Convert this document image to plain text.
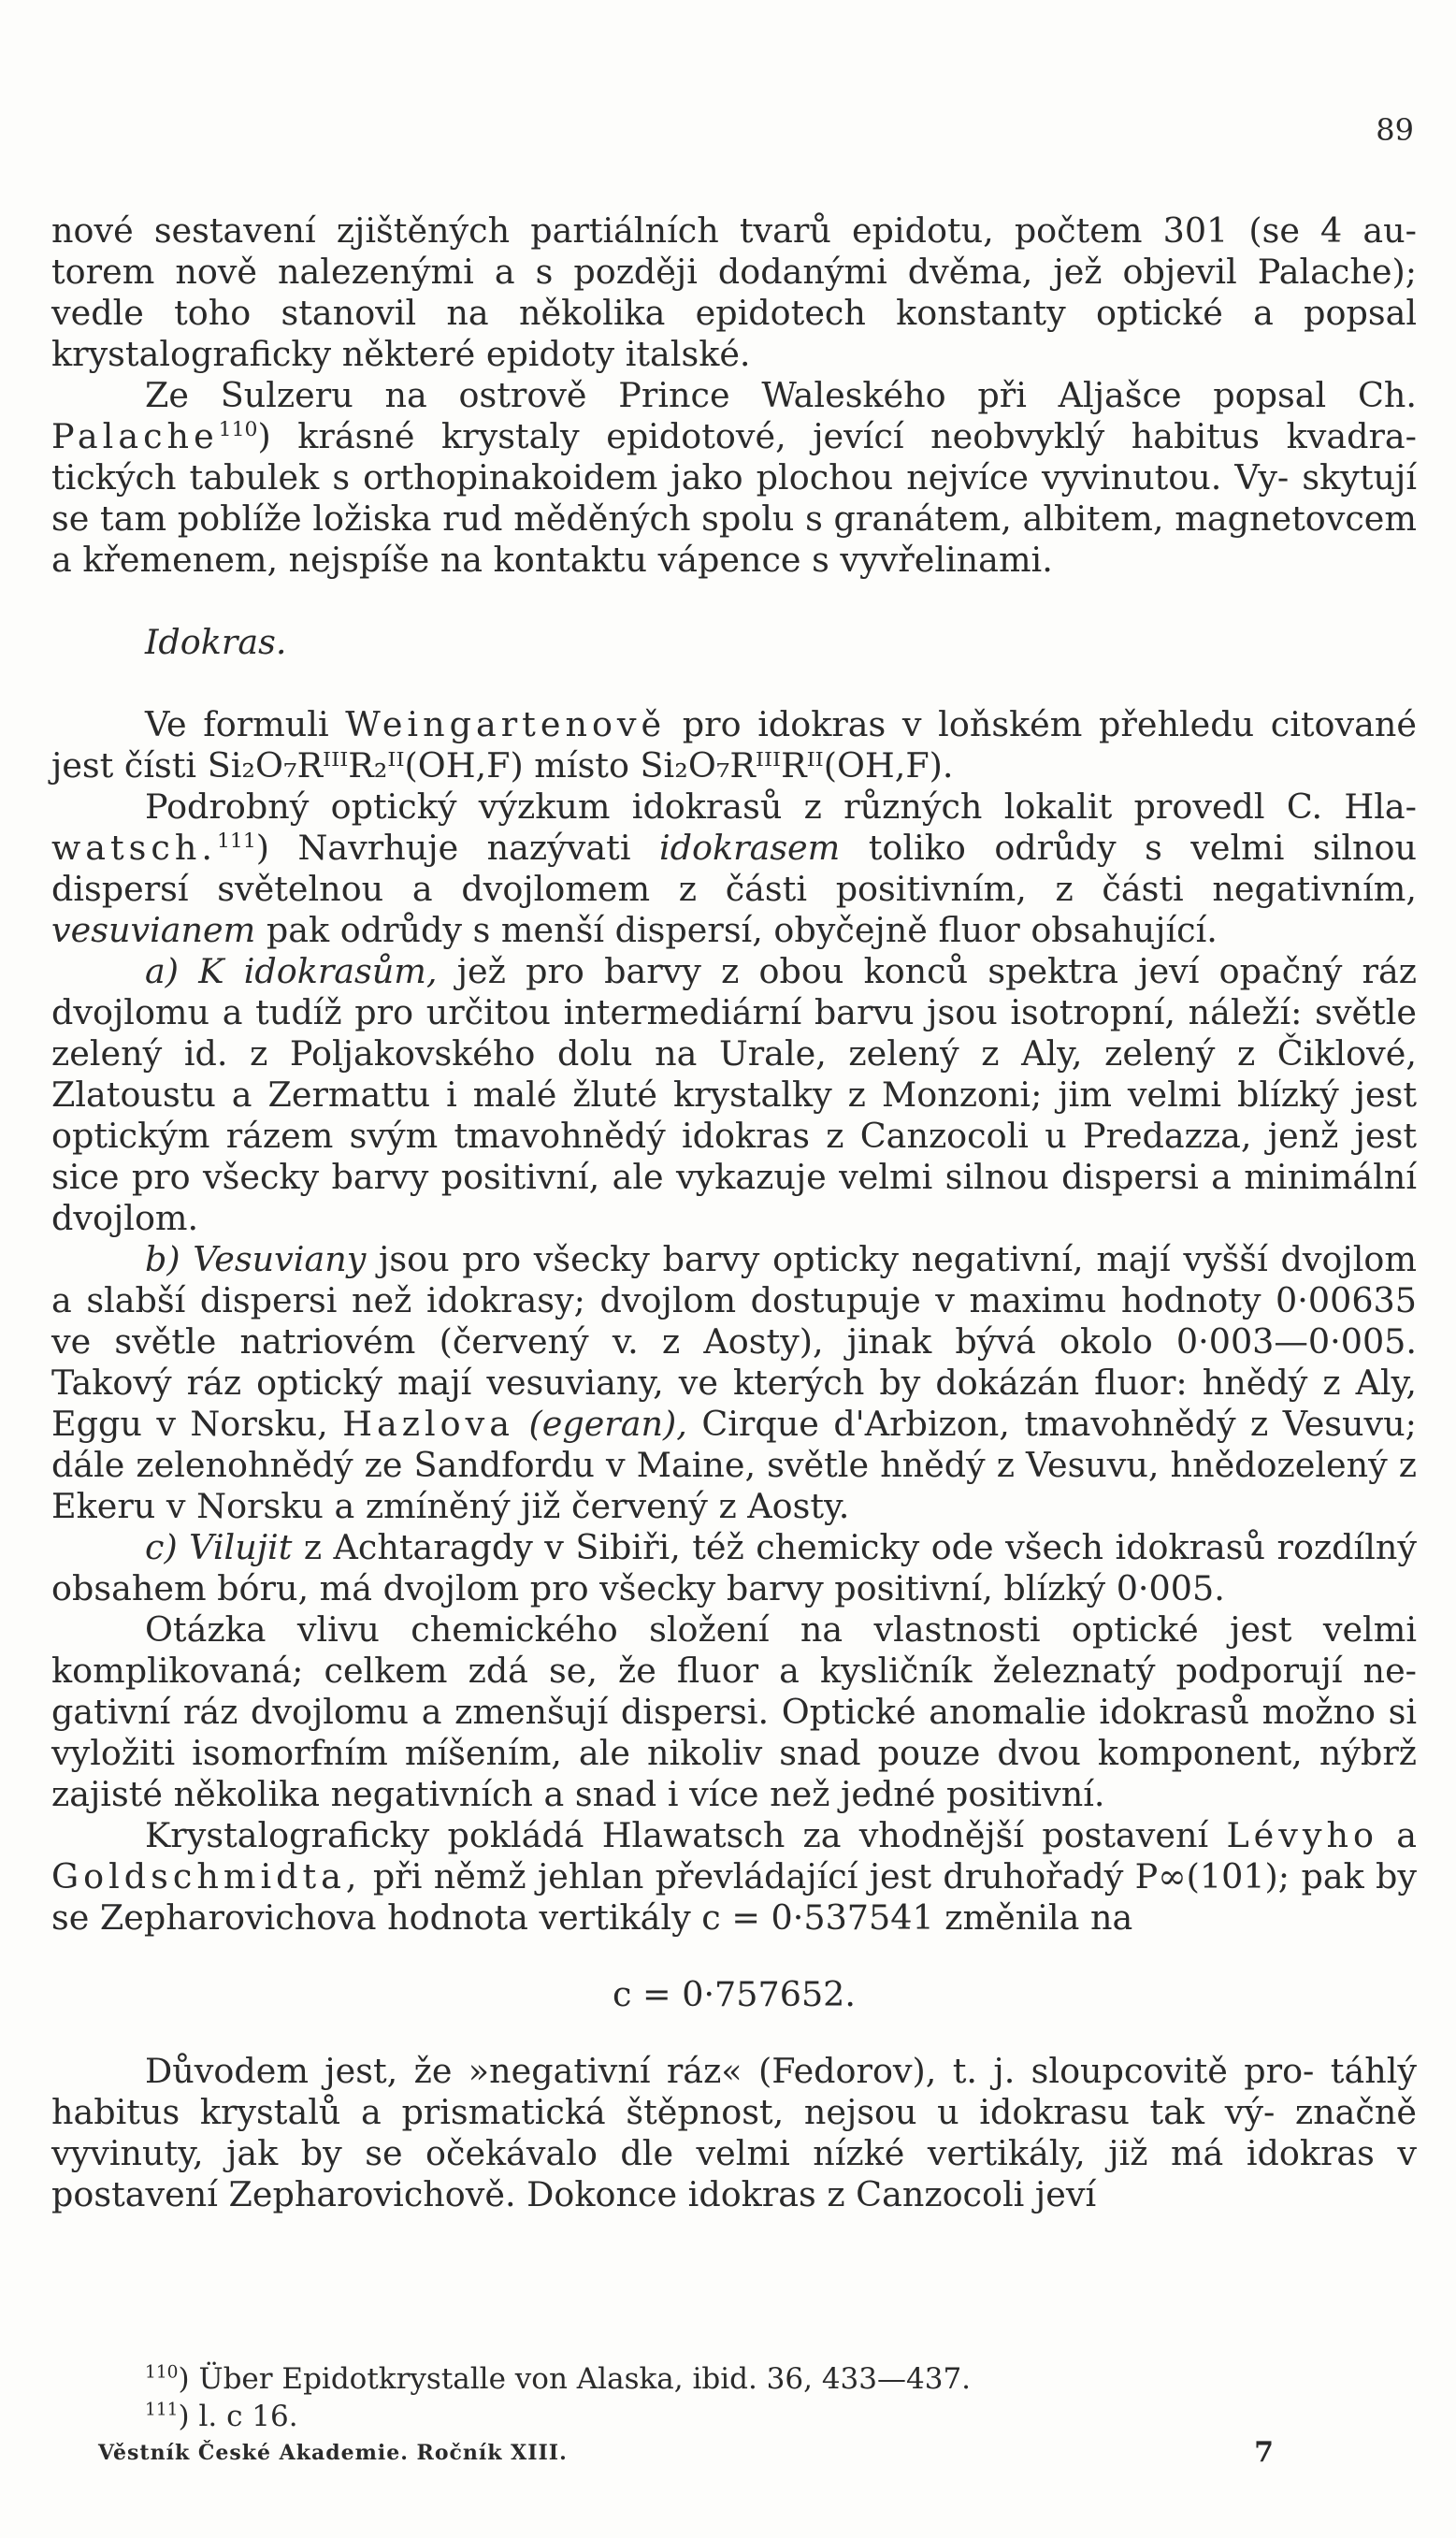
89

nové sestavení zjištěných partiálních tvarů epidotu, počtem 301 (se 4 au- torem nově nalezenými a s později dodanými dvěma, jež objevil Palache); vedle toho stanovil na několika epidotech konstanty optické a popsal krystalograficky některé epidoty italské.

Ze Sulzeru na ostrově Prince Waleského při Aljašce popsal Ch. Palache$^{110}$) krásné krystaly epidotové, jevící neobvyklý habitus kvadra- tických tabulek s orthopinakoidem jako plochou nejvíce vyvinutou. Vy- skytují se tam poblíže ložiska rud měděných spolu s granátem, albitem, magnetovcem a křemenem, nejspíše na kontaktu vápence s vyvřelinami.

Idokras.

Ve formuli Weingartenově pro idokras v loňském přehledu citované jest čísti Si₂O₇RᴵᴵᴵR₂ᴵᴵ(OH,F) místo Si₂O₇RᴵᴵᴵRᴵᴵ(OH,F).

Podrobný optický výzkum idokrasů z různých lokalit provedl C. Hla- watsch.$^{111}$) Navrhuje nazývati idokrasem toliko odrůdy s velmi silnou dispersí světelnou a dvojlomem z části positivním, z části negativním, vesuvianem pak odrůdy s menší dispersí, obyčejně fluor obsahující.

a) K idokrasům, jež pro barvy z obou konců spektra jeví opačný ráz dvojlomu a tudíž pro určitou intermediární barvu jsou isotropní, náleží: světle zelený id. z Poljakovského dolu na Urale, zelený z Aly, zelený z Čiklové, Zlatoustu a Zermattu i malé žluté krystalky z Monzoni; jim velmi blízký jest optickým rázem svým tmavohnědý idokras z Canzocoli u Predazza, jenž jest sice pro všecky barvy positivní, ale vykazuje velmi silnou dispersi a minimální dvojlom.

b) Vesuviany jsou pro všecky barvy opticky negativní, mají vyšší dvojlom a slabší dispersi než idokrasy; dvojlom dostupuje v maximu hodnoty 0·00635 ve světle natriovém (červený v. z Aosty), jinak bývá okolo 0·003—0·005. Takový ráz optický mají vesuviany, ve kterých by dokázán fluor: hnědý z Aly, Eggu v Norsku, Hazlova (egeran), Cirque d'Arbizon, tmavohnědý z Vesuvu; dále zelenohnědý ze Sandfordu v Maine, světle hnědý z Vesuvu, hnědozelený z Ekeru v Norsku a zmíněný již červený z Aosty.

c) Vilujit z Achtaragdy v Sibiři, též chemicky ode všech idokrasů rozdílný obsahem bóru, má dvojlom pro všecky barvy positivní, blízký 0·005.

Otázka vlivu chemického složení na vlastnosti optické jest velmi komplikovaná; celkem zdá se, že fluor a kysličník železnatý podporují ne- gativní ráz dvojlomu a zmenšují dispersi. Optické anomalie idokrasů možno si vyložiti isomorfním míšením, ale nikoliv snad pouze dvou komponent, nýbrž zajisté několika negativních a snad i více než jedné positivní.

Krystalograficky pokládá Hlawatsch za vhodnější postavení Lévyho a Goldschmidta, při němž jehlan převládající jest druhořadý P∞(101); pak by se Zepharovichova hodnota vertikály c = 0·537541 změnila na

c = 0·757652.

Důvodem jest, že »negativní ráz« (Fedorov), t. j. sloupcovitě pro- táhlý habitus krystalů a prismatická štěpnost, nejsou u idokrasu tak vý- značně vyvinuty, jak by se očekávalo dle velmi nízké vertikály, již má idokras v postavení Zepharovichově. Dokonce idokras z Canzocoli jeví

$^{110}$) Über Epidotkrystalle von Alaska, ibid. 36, 433—437.
$^{111}$) l. c 16.
Věstník České Akademie. Ročník XIII.	7
